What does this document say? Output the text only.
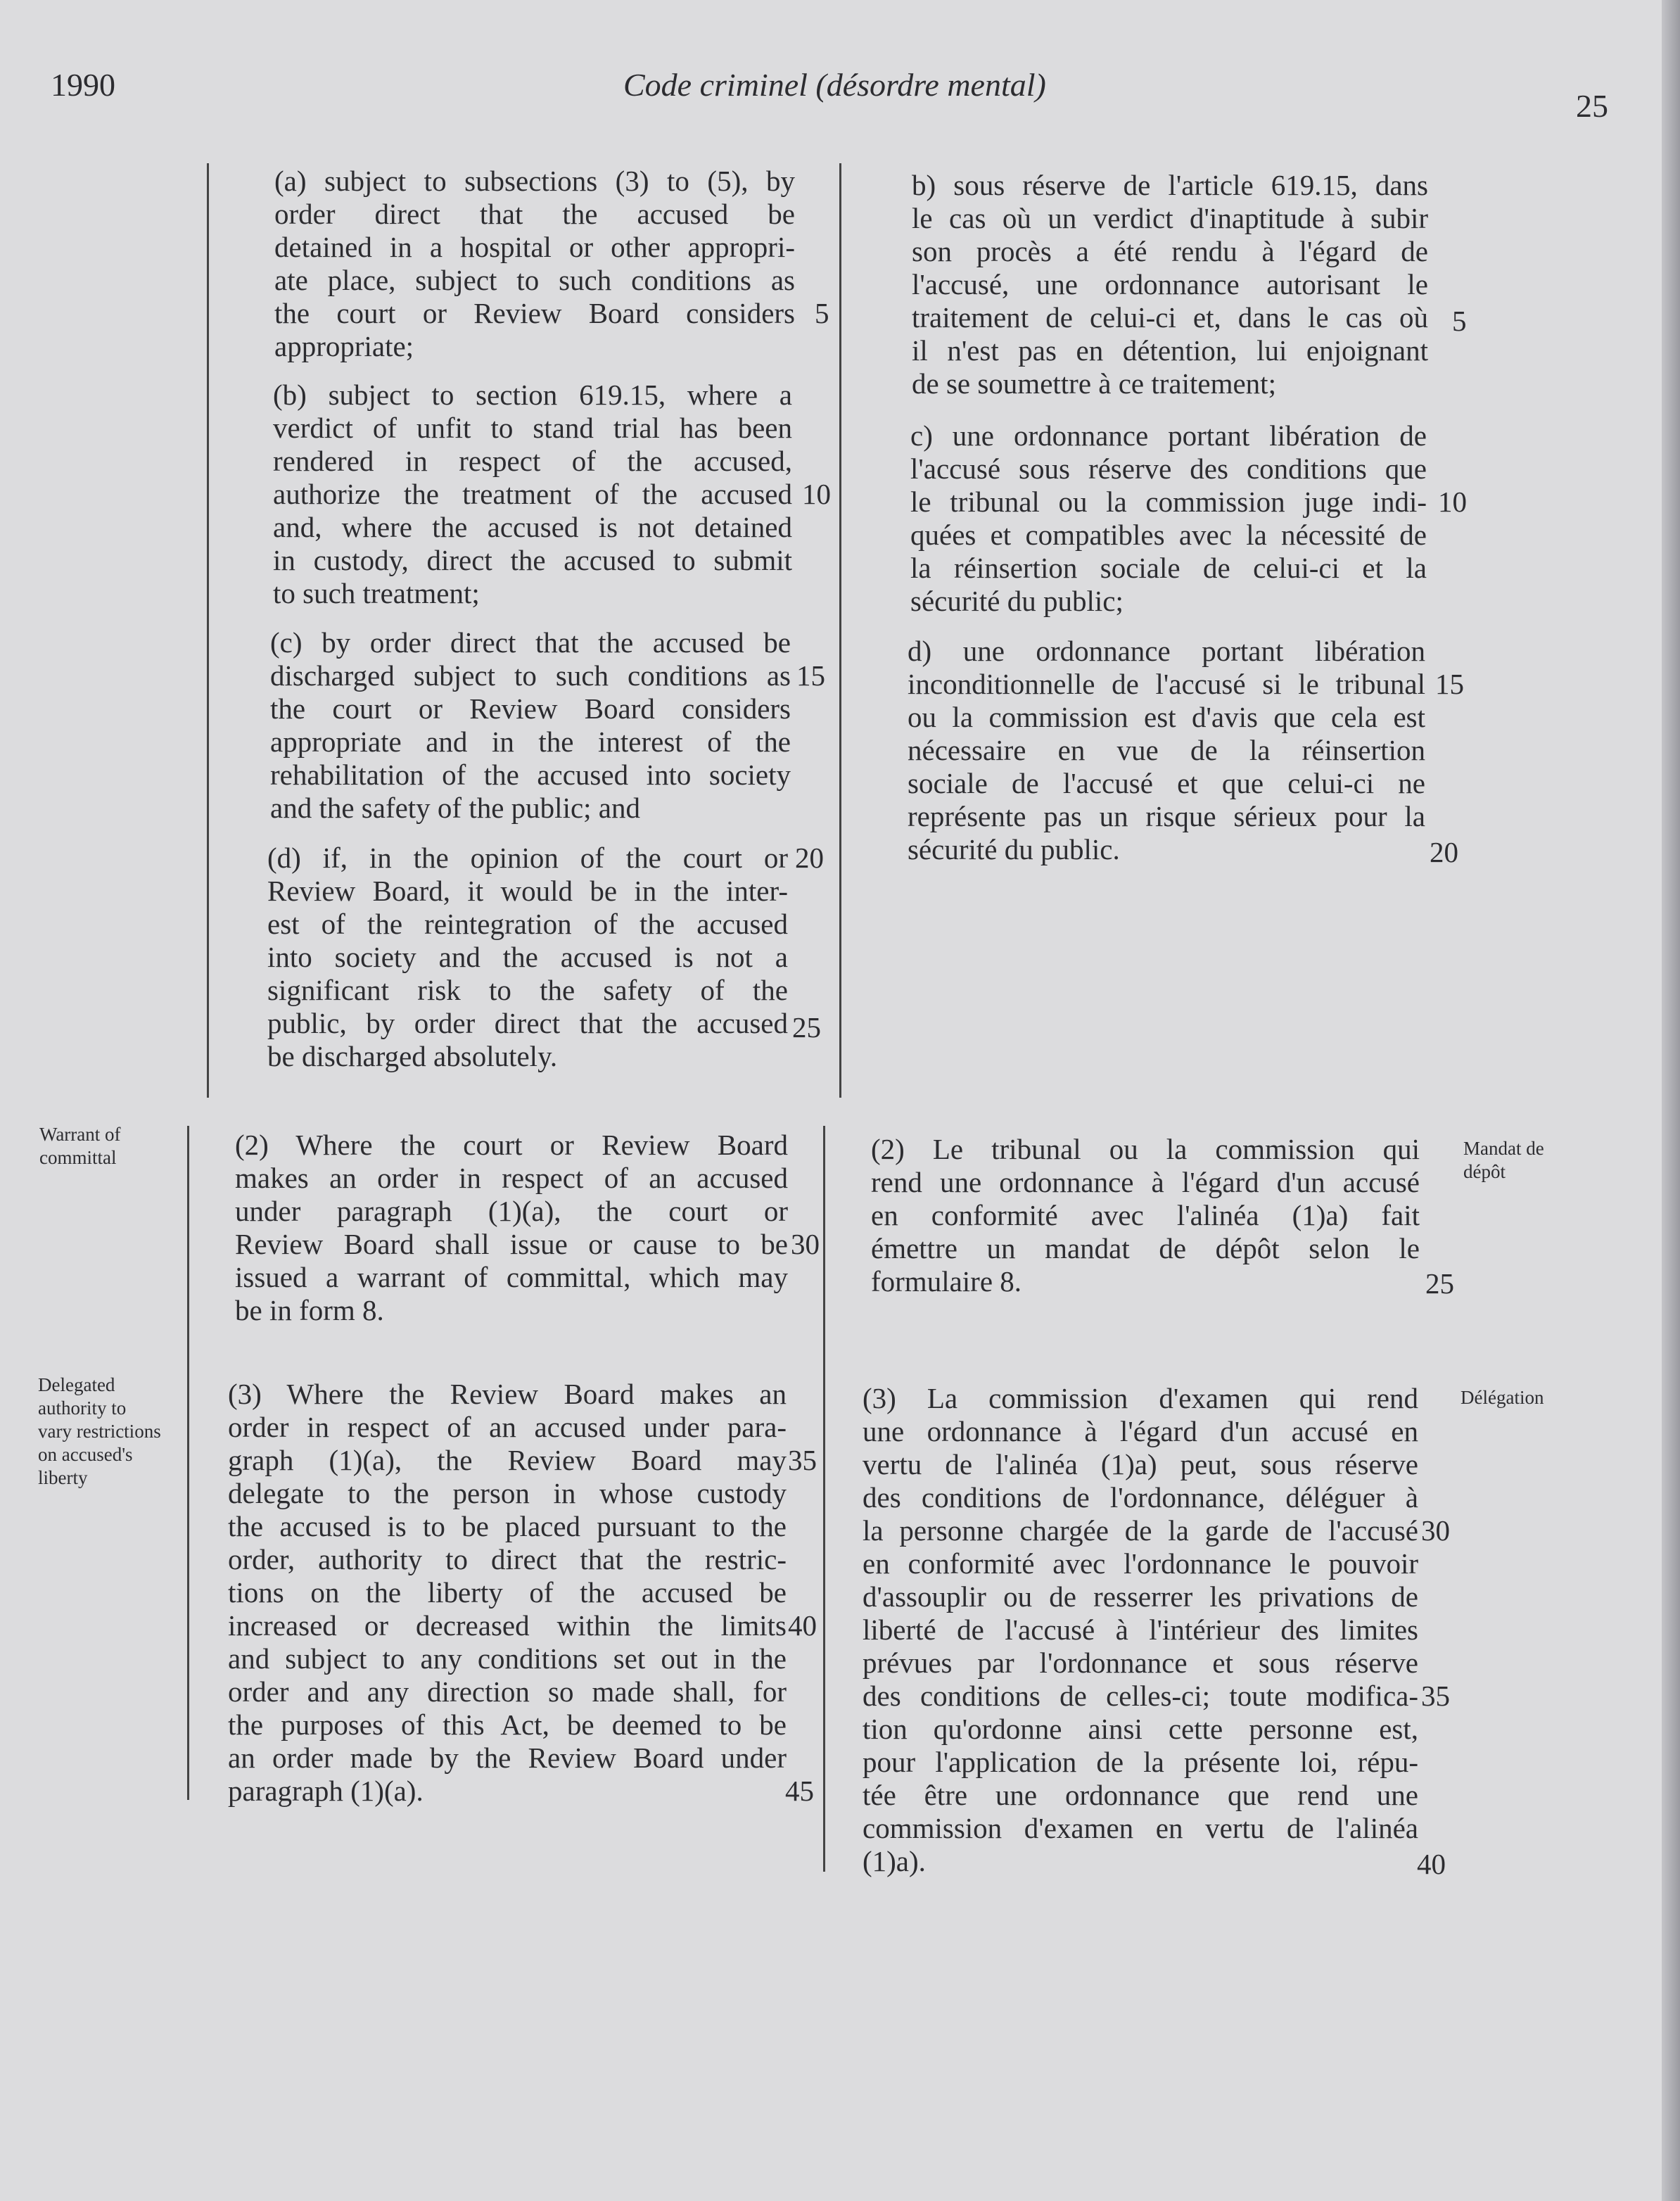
1990	Code criminel (désordre mental)
25
Warrant of
committal
Delegated
authority to
vary restrictions
on accused's
liberty
Mandat de
dépôt
Délégation

(a) subject to subsections (3) to (5), by

order direct that the accused be

detained in a hospital or other appropri-

ate place, subject to such conditions as

the court or Review Board considers

appropriate;

(b) subject to section 619.15, where a

verdict of unfit to stand trial has been

rendered in respect of the accused,

authorize the treatment of the accused

and, where the accused is not detained

in custody, direct the accused to submit

to such treatment;

(c) by order direct that the accused be

discharged subject to such conditions as

the court or Review Board considers

appropriate and in the interest of the

rehabilitation of the accused into society

and the safety of the public; and

(d) if, in the opinion of the court or

Review Board, it would be in the inter-

est of the reintegration of the accused

into society and the accused is not a

significant risk to the safety of the

public, by order direct that the accused

be discharged absolutely.

(2) Where the court or Review Board

makes an order in respect of an accused

under paragraph (1)(a), the court or

Review Board shall issue or cause to be

issued a warrant of committal, which may

be in form 8.

(3) Where the Review Board makes an

order in respect of an accused under para-

graph (1)(a), the Review Board may

delegate to the person in whose custody

the accused is to be placed pursuant to the

order, authority to direct that the restric-

tions on the liberty of the accused be

increased or decreased within the limits

and subject to any conditions set out in the

order and any direction so made shall, for

the purposes of this Act, be deemed to be

an order made by the Review Board under

paragraph (1)(a).

5
10
15
20
25
30
35
40
45

b) sous réserve de l'article 619.15, dans

le cas où un verdict d'inaptitude à subir

son procès a été rendu à l'égard de

l'accusé, une ordonnance autorisant le

traitement de celui-ci et, dans le cas où

il n'est pas en détention, lui enjoignant

de se soumettre à ce traitement;

c) une ordonnance portant libération de

l'accusé sous réserve des conditions que

le tribunal ou la commission juge indi-

quées et compatibles avec la nécessité de

la réinsertion sociale de celui-ci et la

sécurité du public;

d) une ordonnance portant libération

inconditionnelle de l'accusé si le tribunal

ou la commission est d'avis que cela est

nécessaire en vue de la réinsertion

sociale de l'accusé et que celui-ci ne

représente pas un risque sérieux pour la

sécurité du public.

(2) Le tribunal ou la commission qui

rend une ordonnance à l'égard d'un accusé

en conformité avec l'alinéa (1)a) fait

émettre un mandat de dépôt selon le

formulaire 8.

(3) La commission d'examen qui rend

une ordonnance à l'égard d'un accusé en

vertu de l'alinéa (1)a) peut, sous réserve

des conditions de l'ordonnance, déléguer à

la personne chargée de la garde de l'accusé

en conformité avec l'ordonnance le pouvoir

d'assouplir ou de resserrer les privations de

liberté de l'accusé à l'intérieur des limites

prévues par l'ordonnance et sous réserve

des conditions de celles-ci; toute modifica-

tion qu'ordonne ainsi cette personne est,

pour l'application de la présente loi, répu-

tée être une ordonnance que rend une

commission d'examen en vertu de l'alinéa

(1)a).

5
10
15
20
25
30
35
40
